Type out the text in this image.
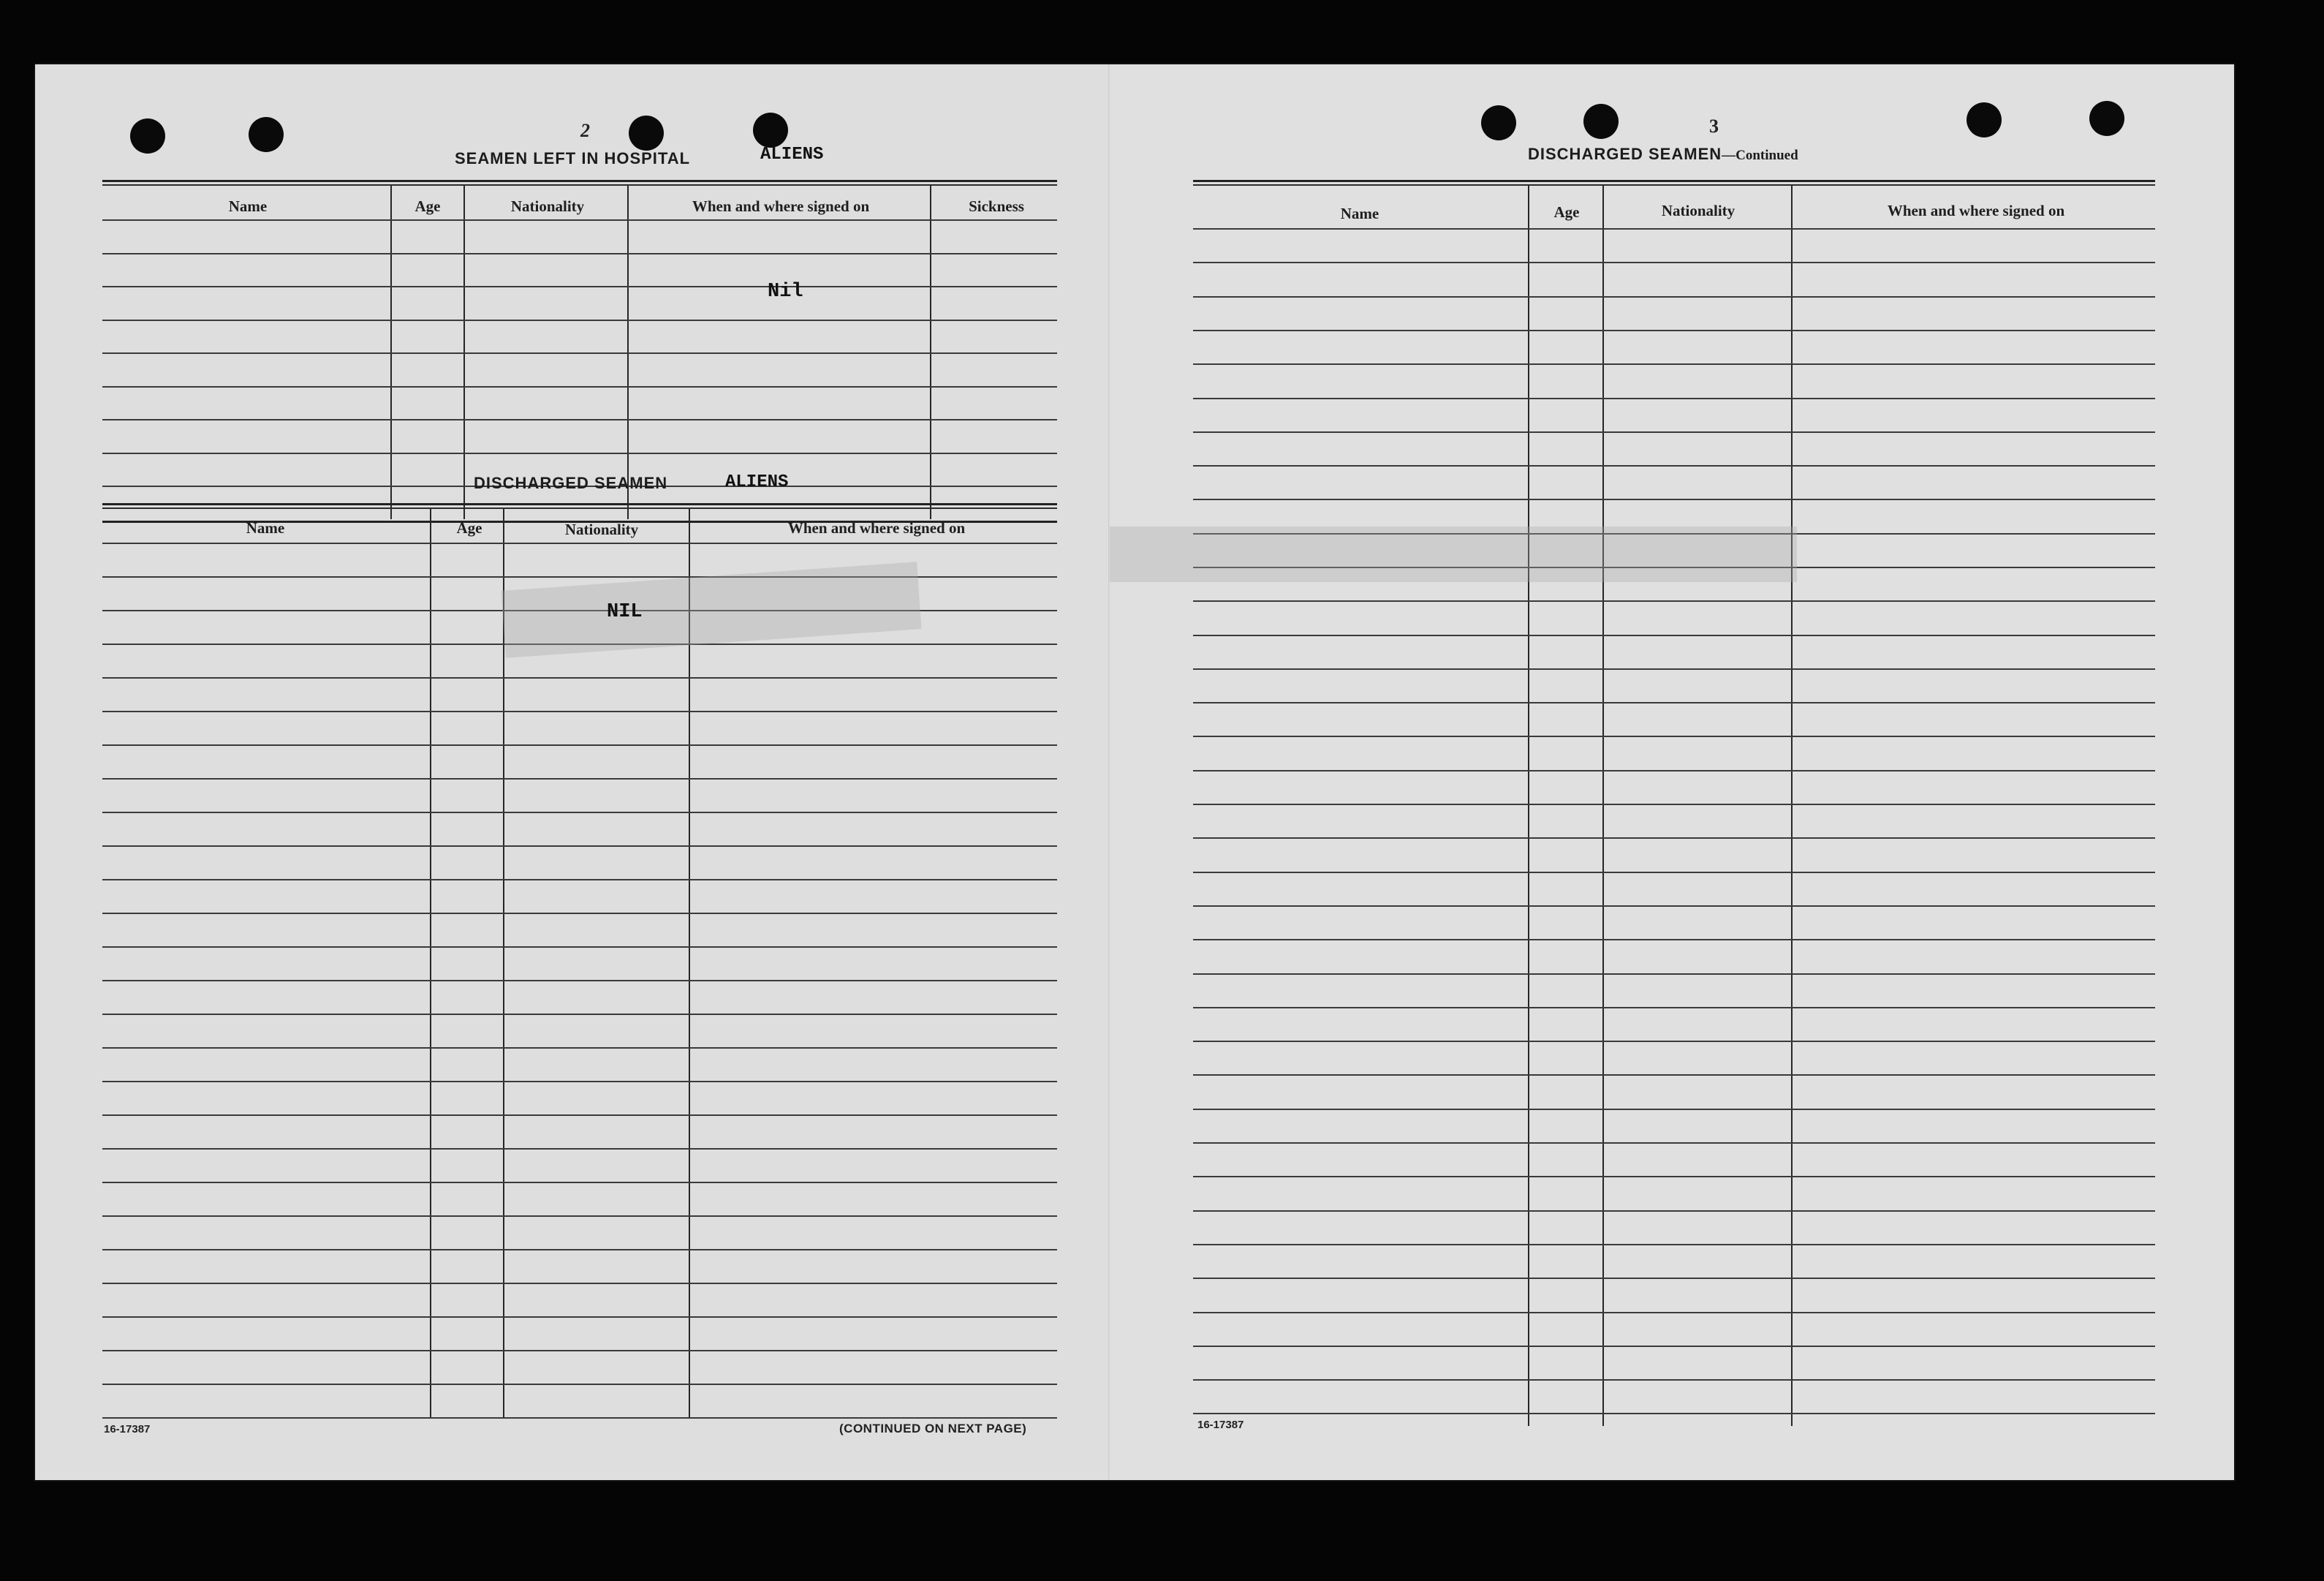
2
SEAMEN LEFT IN HOSPITAL	ALIENS
Name	Age	Nationality	When and where signed on	Sickness
Nil
DISCHARGED SEAMEN	ALIENS
Name	Age	Nationality	When and where signed on
NIL
16-17387	(CONTINUED ON NEXT PAGE)
3
DISCHARGED SEAMEN—Continued
Name	Age	Nationality	When and where signed on
16-17387
